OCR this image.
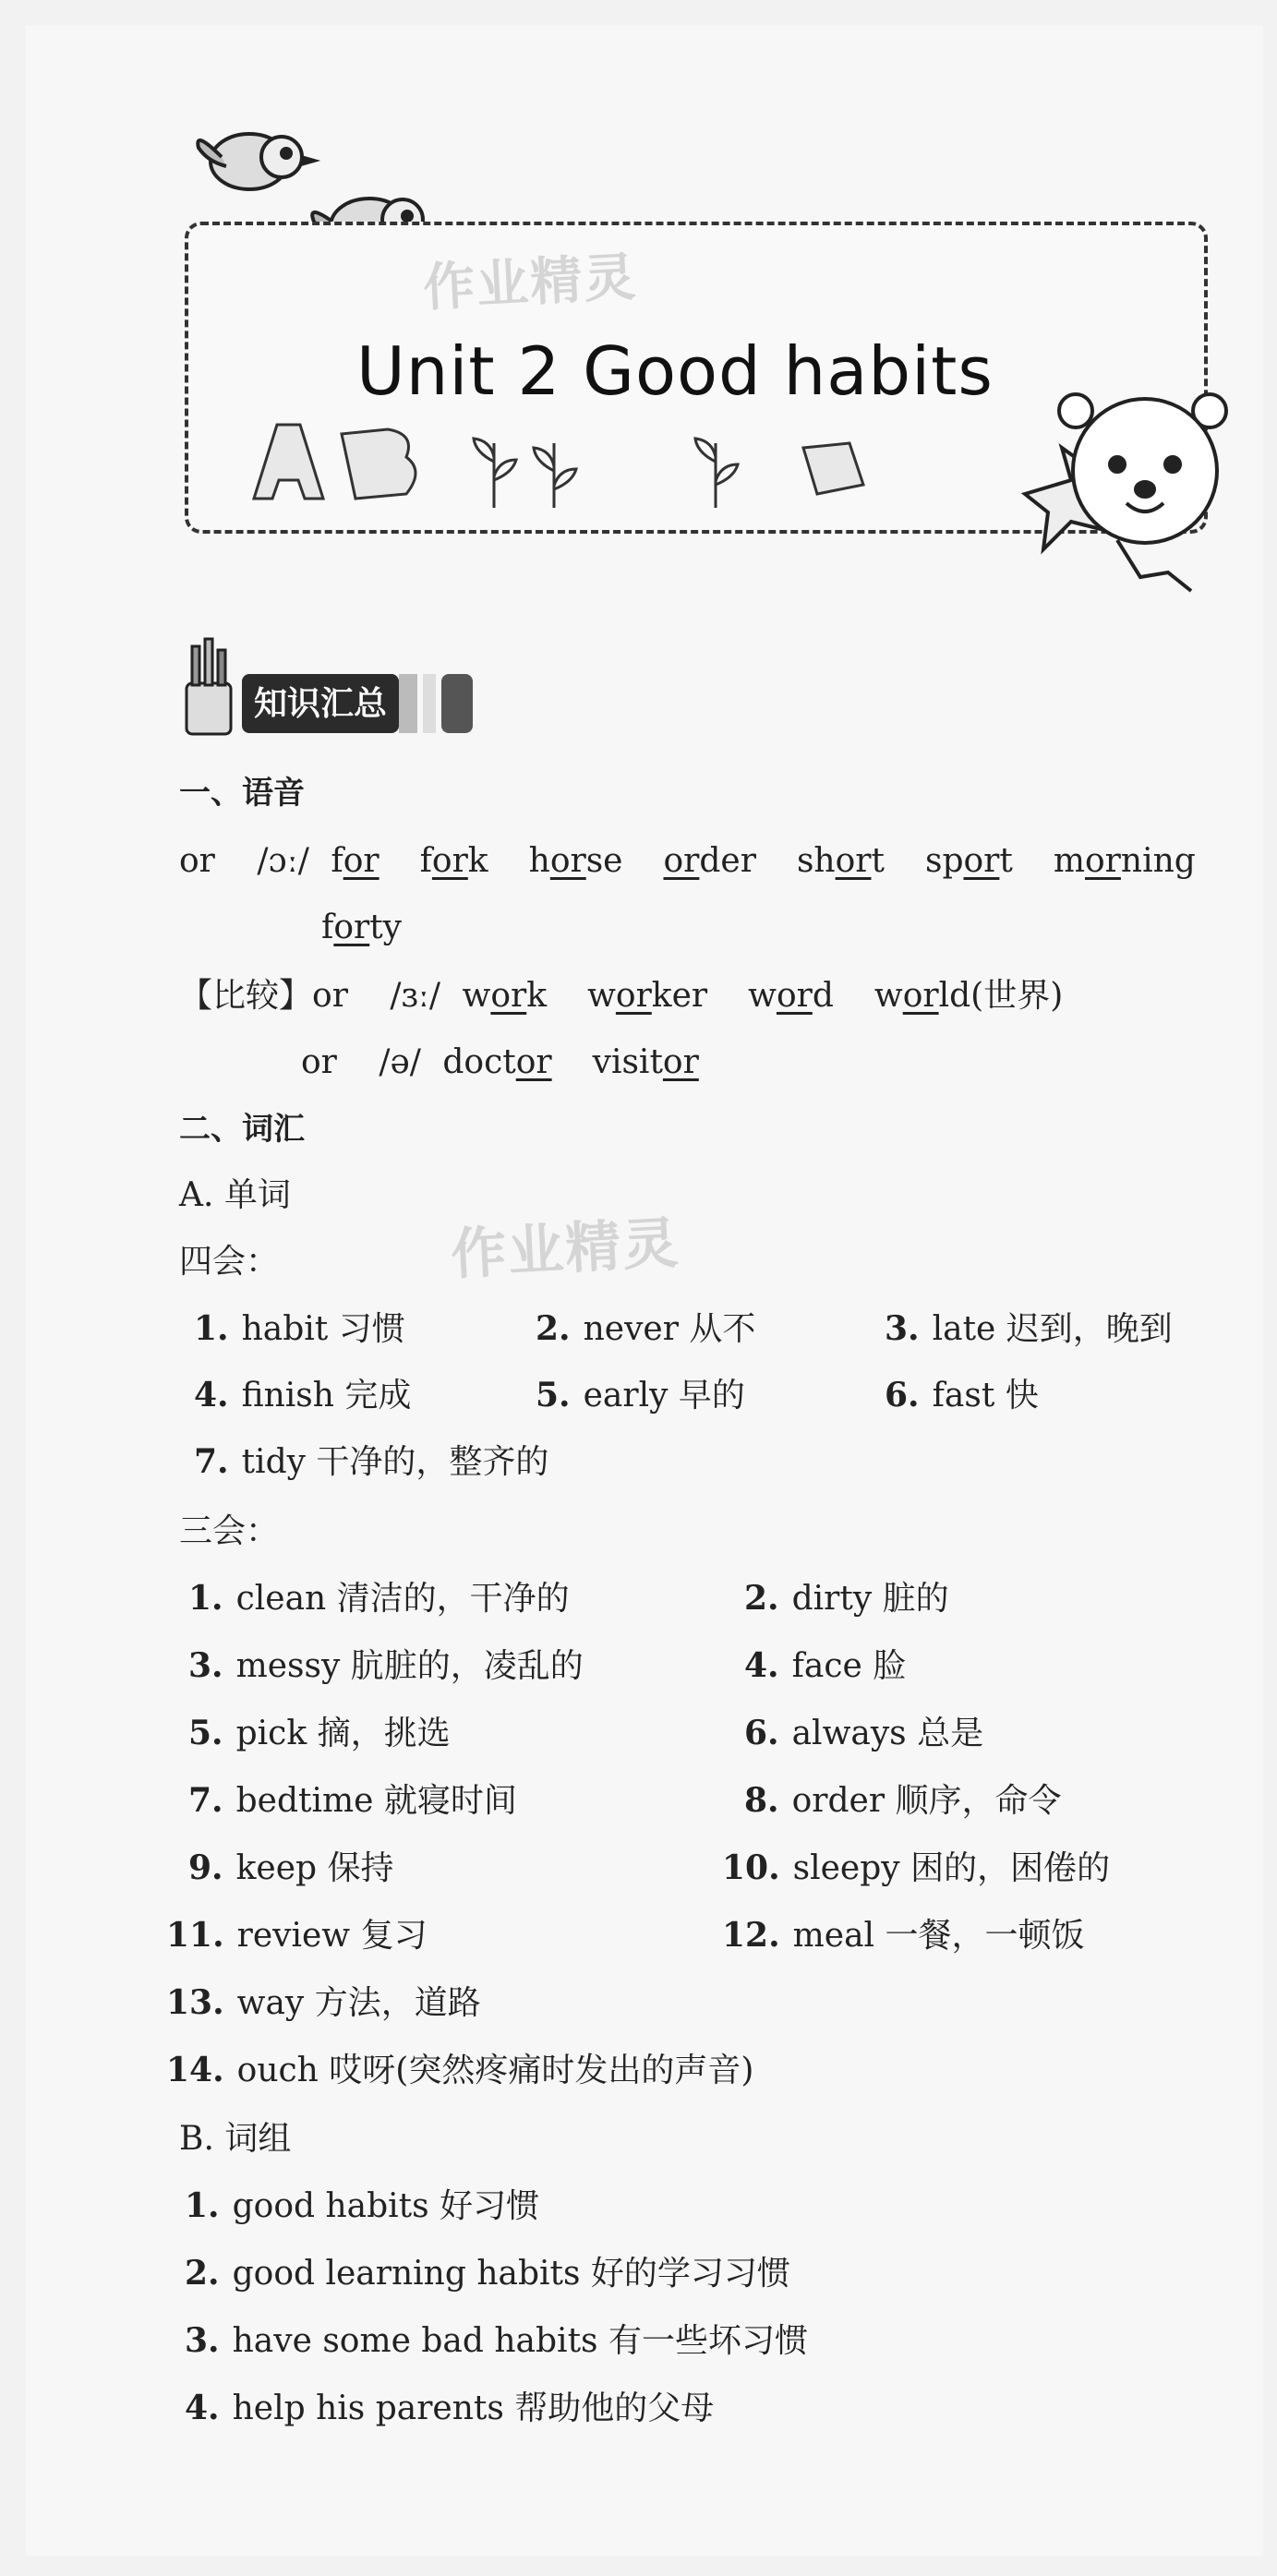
作业精灵
Unit 2 Good habits
知识汇总
一、语音
or /ɔː/ for fork horse order short sport morning
forty
【比较】or /ɜː/ work worker word world(世界)
or /ə/ doctor visitor
二、词汇
A. 单词
作业精灵
四会：
1. habit 习惯	2. never 从不	3. late 迟到，晚到
4. finish 完成	5. early 早的	6. fast 快
7. tidy 干净的，整齐的
三会：
1. clean 清洁的，干净的	2. dirty 脏的
3. messy 肮脏的，凌乱的	4. face 脸
5. pick 摘，挑选	6. always 总是
7. bedtime 就寝时间	8. order 顺序，命令
9. keep 保持	10. sleepy 困的，困倦的
11. review 复习	12. meal 一餐，一顿饭
13. way 方法，道路
14. ouch 哎呀(突然疼痛时发出的声音)
B. 词组
1. good habits 好习惯
2. good learning habits 好的学习习惯
3. have some bad habits 有一些坏习惯
4. help his parents 帮助他的父母
